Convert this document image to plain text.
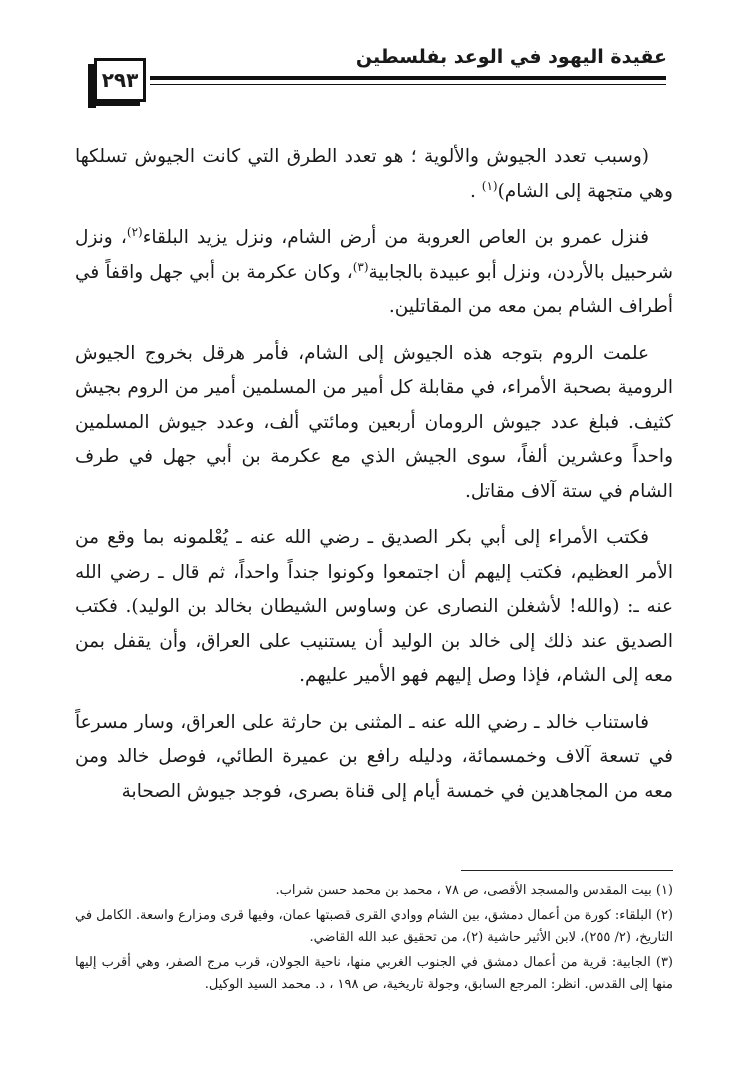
عقيدة اليهود في الوعد بفلسطين
٢٩٣

(وسبب تعدد الجيوش والألوية ؛ هو تعدد الطرق التي كانت الجيوش تسلكها وهي متجهة إلى الشام)$^{(١)}$ .

فنزل عمرو بن العاص العروبة من أرض الشام، ونزل يزيد البلقاء$^{(٢)}$، ونزل شرحبيل بالأردن، ونزل أبو عبيدة بالجابية$^{(٣)}$، وكان عكرمة بن أبي جهل واقفاً في أطراف الشام بمن معه من المقاتلين.

علمت الروم بتوجه هذه الجيوش إلى الشام، فأمر هرقل بخروج الجيوش الرومية بصحبة الأمراء، في مقابلة كل أمير من المسلمين أمير من الروم بجيش كثيف. فبلغ عدد جيوش الرومان أربعين ومائتي ألف، وعدد جيوش المسلمين واحداً وعشرين ألفاً، سوى الجيش الذي مع عكرمة بن أبي جهل في طرف الشام في ستة آلاف مقاتل.

فكتب الأمراء إلى أبي بكر الصديق ـ رضي الله عنه ـ يُعْلمونه بما وقع من الأمر العظيم، فكتب إليهم أن اجتمعوا وكونوا جنداً واحداً، ثم قال ـ رضي الله عنه ـ: (والله! لأشغلن النصارى عن وساوس الشيطان بخالد بن الوليد). فكتب الصديق عند ذلك إلى خالد بن الوليد أن يستنيب على العراق، وأن يقفل بمن معه إلى الشام، فإذا وصل إليهم فهو الأمير عليهم.

فاستناب خالد ـ رضي الله عنه ـ المثنى بن حارثة على العراق، وسار مسرعاً في تسعة آلاف وخمسمائة، ودليله رافع بن عميرة الطائي، فوصل خالد ومن معه من المجاهدين في خمسة أيام إلى قناة بصرى، فوجد جيوش الصحابة

(١) بيت المقدس والمسجد الأقصى، ص ٧٨ ، محمد بن محمد حسن شراب.
(٢) البلقاء: كورة من أعمال دمشق، بين الشام ووادي القرى قصبتها عمان، وفيها قرى ومزارع واسعة. الكامل في التاريخ، (٢/ ٢٥٥)، لابن الأثير حاشية (٢)، من تحقيق عبد الله القاضي.
(٣) الجابية: قرية من أعمال دمشق في الجنوب الغربي منها، ناحية الجولان، قرب مرج الصفر، وهي أقرب إليها منها إلى القدس. انظر: المرجع السابق، وجولة تاريخية، ص ١٩٨ ، د. محمد السيد الوكيل.
